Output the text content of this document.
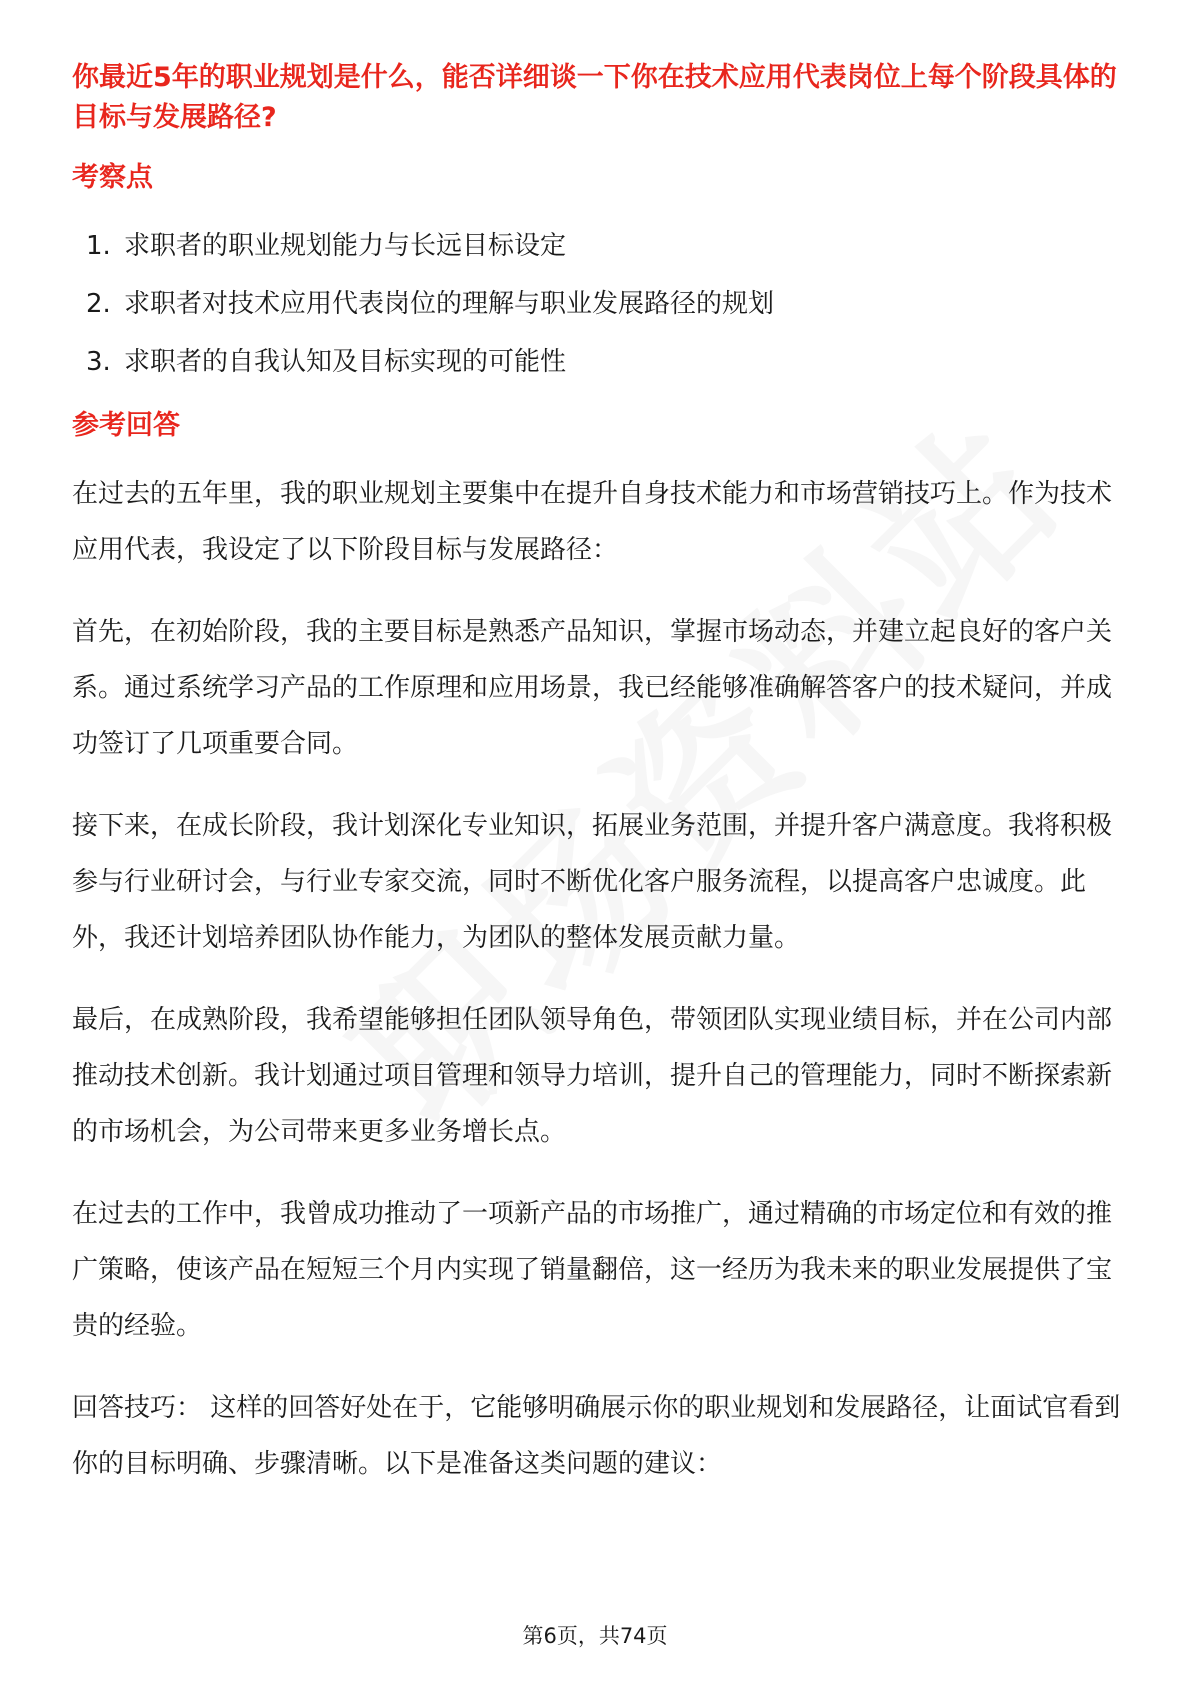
你最近5年的职业规划是什么，能否详细谈一下你在技术应用代表岗位上每个阶段具体的目标与发展路径?

考察点

1. 求职者的职业规划能力与长远目标设定
2. 求职者对技术应用代表岗位的理解与职业发展路径的规划
3. 求职者的自我认知及目标实现的可能性

参考回答

在过去的五年里，我的职业规划主要集中在提升自身技术能力和市场营销技巧上。作为技术应用代表，我设定了以下阶段目标与发展路径：

首先，在初始阶段，我的主要目标是熟悉产品知识，掌握市场动态，并建立起良好的客户关系。通过系统学习产品的工作原理和应用场景，我已经能够准确解答客户的技术疑问，并成功签订了几项重要合同。

接下来，在成长阶段，我计划深化专业知识，拓展业务范围，并提升客户满意度。我将积极参与行业研讨会，与行业专家交流，同时不断优化客户服务流程，以提高客户忠诚度。此外，我还计划培养团队协作能力，为团队的整体发展贡献力量。

最后，在成熟阶段，我希望能够担任团队领导角色，带领团队实现业绩目标，并在公司内部推动技术创新。我计划通过项目管理和领导力培训，提升自己的管理能力，同时不断探索新的市场机会，为公司带来更多业务增长点。

在过去的工作中，我曾成功推动了一项新产品的市场推广，通过精确的市场定位和有效的推广策略，使该产品在短短三个月内实现了销量翻倍，这一经历为我未来的职业发展提供了宝贵的经验。

回答技巧： 这样的回答好处在于，它能够明确展示你的职业规划和发展路径，让面试官看到你的目标明确、步骤清晰。以下是准备这类问题的建议：

第6页，共74页
